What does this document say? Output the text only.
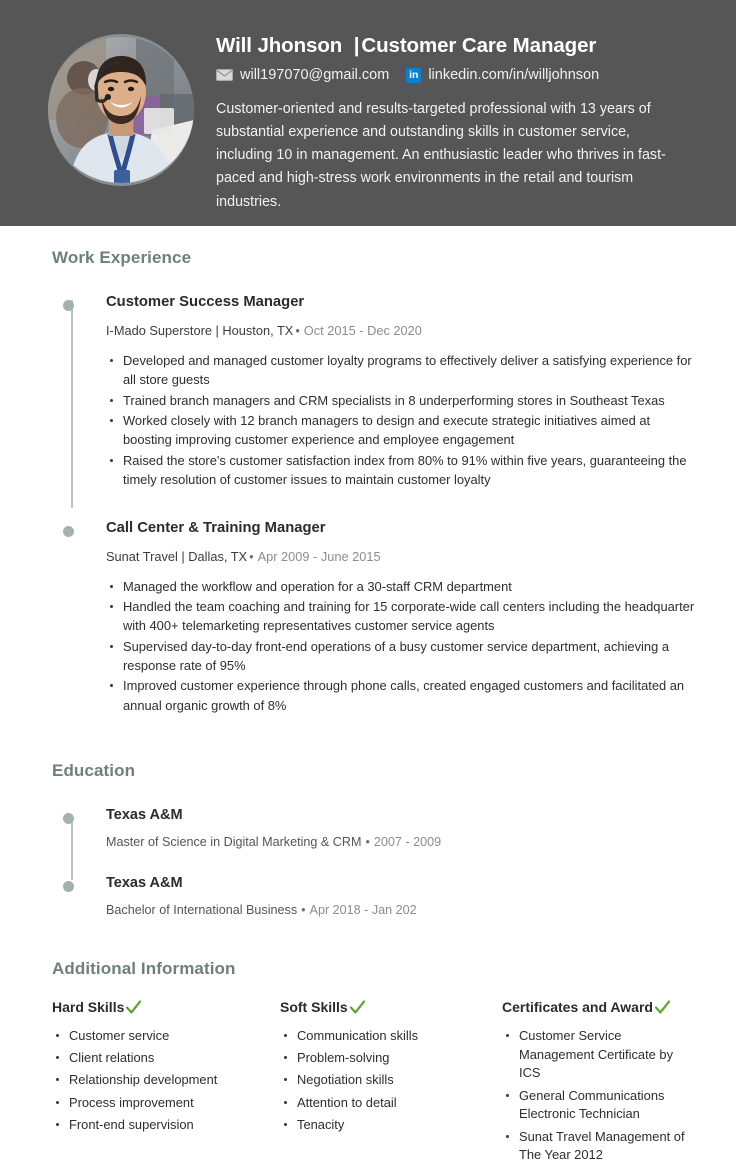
Will Jhonson |Customer Care Manager
will197070@gmail.com in linkedin.com/in/willjohnson
Customer-oriented and results-targeted professional with 13 years of substantial experience and outstanding skills in customer service, including 10 in management. An enthusiastic leader who thrives in fast-paced and high-stress work environments in the retail and tourism industries.
Work Experience
Customer Success Manager
I-Mado Superstore | Houston, TX • Oct 2015 - Dec 2020
Developed and managed customer loyalty programs to effectively deliver a satisfying experience for all store guests
Trained branch managers and CRM specialists in 8 underperforming stores in Southeast Texas
Worked closely with 12 branch managers to design and execute strategic initiatives aimed at boosting improving customer experience and employee engagement
Raised the store's customer satisfaction index from 80% to 91% within five years, guaranteeing the timely resolution of customer issues to maintain customer loyalty
Call Center & Training Manager
Sunat Travel | Dallas, TX • Apr 2009 - June 2015
Managed the workflow and operation for a 30-staff CRM department
Handled the team coaching and training for 15 corporate-wide call centers including the headquarter with 400+ telemarketing representatives customer service agents
Supervised day-to-day front-end operations of a busy customer service department, achieving a response rate of 95%
Improved customer experience through phone calls, created engaged customers and facilitated an annual organic growth of 8%
Education
Texas A&M
Master of Science in Digital Marketing & CRM • 2007 - 2009
Texas A&M
Bachelor of International Business • Apr 2018 - Jan 202
Additional Information
Hard Skills
Customer service
Client relations
Relationship development
Process improvement
Front-end supervision
Soft Skills
Communication skills
Problem-solving
Negotiation skills
Attention to detail
Tenacity
Certificates and Award
Customer Service Management Certificate by ICS
General Communications Electronic Technician
Sunat Travel Management of The Year 2012
